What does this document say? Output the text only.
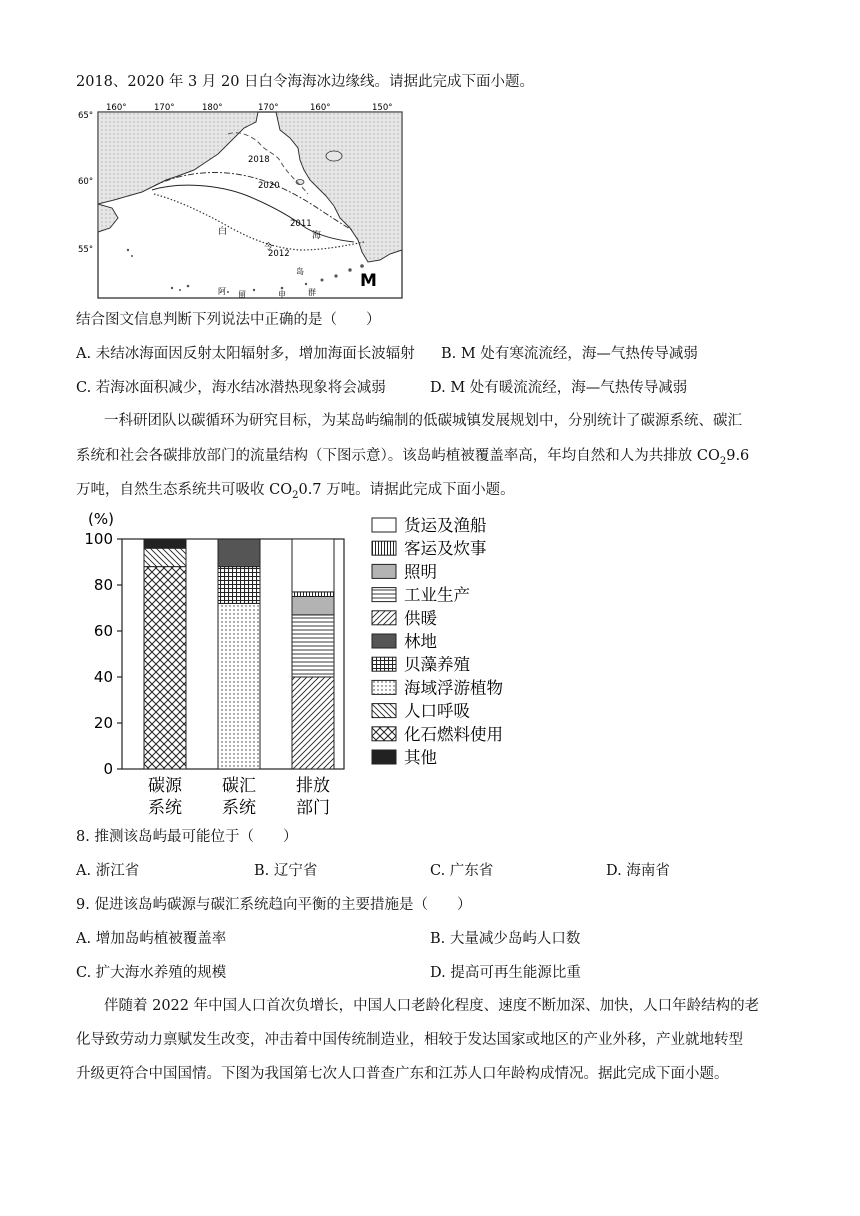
2018、2020 年 3 月 20 日白令海海冰边缘线。请据此完成下面小题。
2018
2020
2011
2012
160°	170°	180°	170°	160°	150°
65°
60°
55°
白
令
海
阿 留	申	群
岛	M
结合图文信息判断下列说法中正确的是（　　）
A. 未结冰海面因反射太阳辐射多，增加海面长波辐射 B. M 处有寒流流经，海—气热传导减弱
C. 若海冰面积减少，海水结冰潜热现象将会减弱	D. M 处有暖流流经，海—气热传导减弱
一科研团队以碳循环为研究目标，为某岛屿编制的低碳城镇发展规划中，分别统计了碳源系统、碳汇
系统和社会各碳排放部门的流量结构（下图示意）。该岛屿植被覆盖率高，年均自然和人为共排放 $CO_29.6$
万吨，自然生态系统共可吸收 $CO_20.7$ 万吨。请据此完成下面小题。
(%)
0
20
40
60
80
100
碳源
系统
碳汇
系统
排放
部门
货运及渔船
客运及炊事
照明
工业生产
供暖
林地
贝藻养殖
海域浮游植物
人口呼吸
化石燃料使用
其他
8. 推测该岛屿最可能位于（　　）
A. 浙江省	B. 辽宁省	C. 广东省	D. 海南省
9. 促进该岛屿碳源与碳汇系统趋向平衡的主要措施是（　　）
A. 增加岛屿植被覆盖率	B. 大量减少岛屿人口数
C. 扩大海水养殖的规模	D. 提高可再生能源比重
伴随着 2022 年中国人口首次负增长，中国人口老龄化程度、速度不断加深、加快，人口年龄结构的老
化导致劳动力禀赋发生改变，冲击着中国传统制造业，相较于发达国家或地区的产业外移，产业就地转型
升级更符合中国国情。下图为我国第七次人口普查广东和江苏人口年龄构成情况。据此完成下面小题。
